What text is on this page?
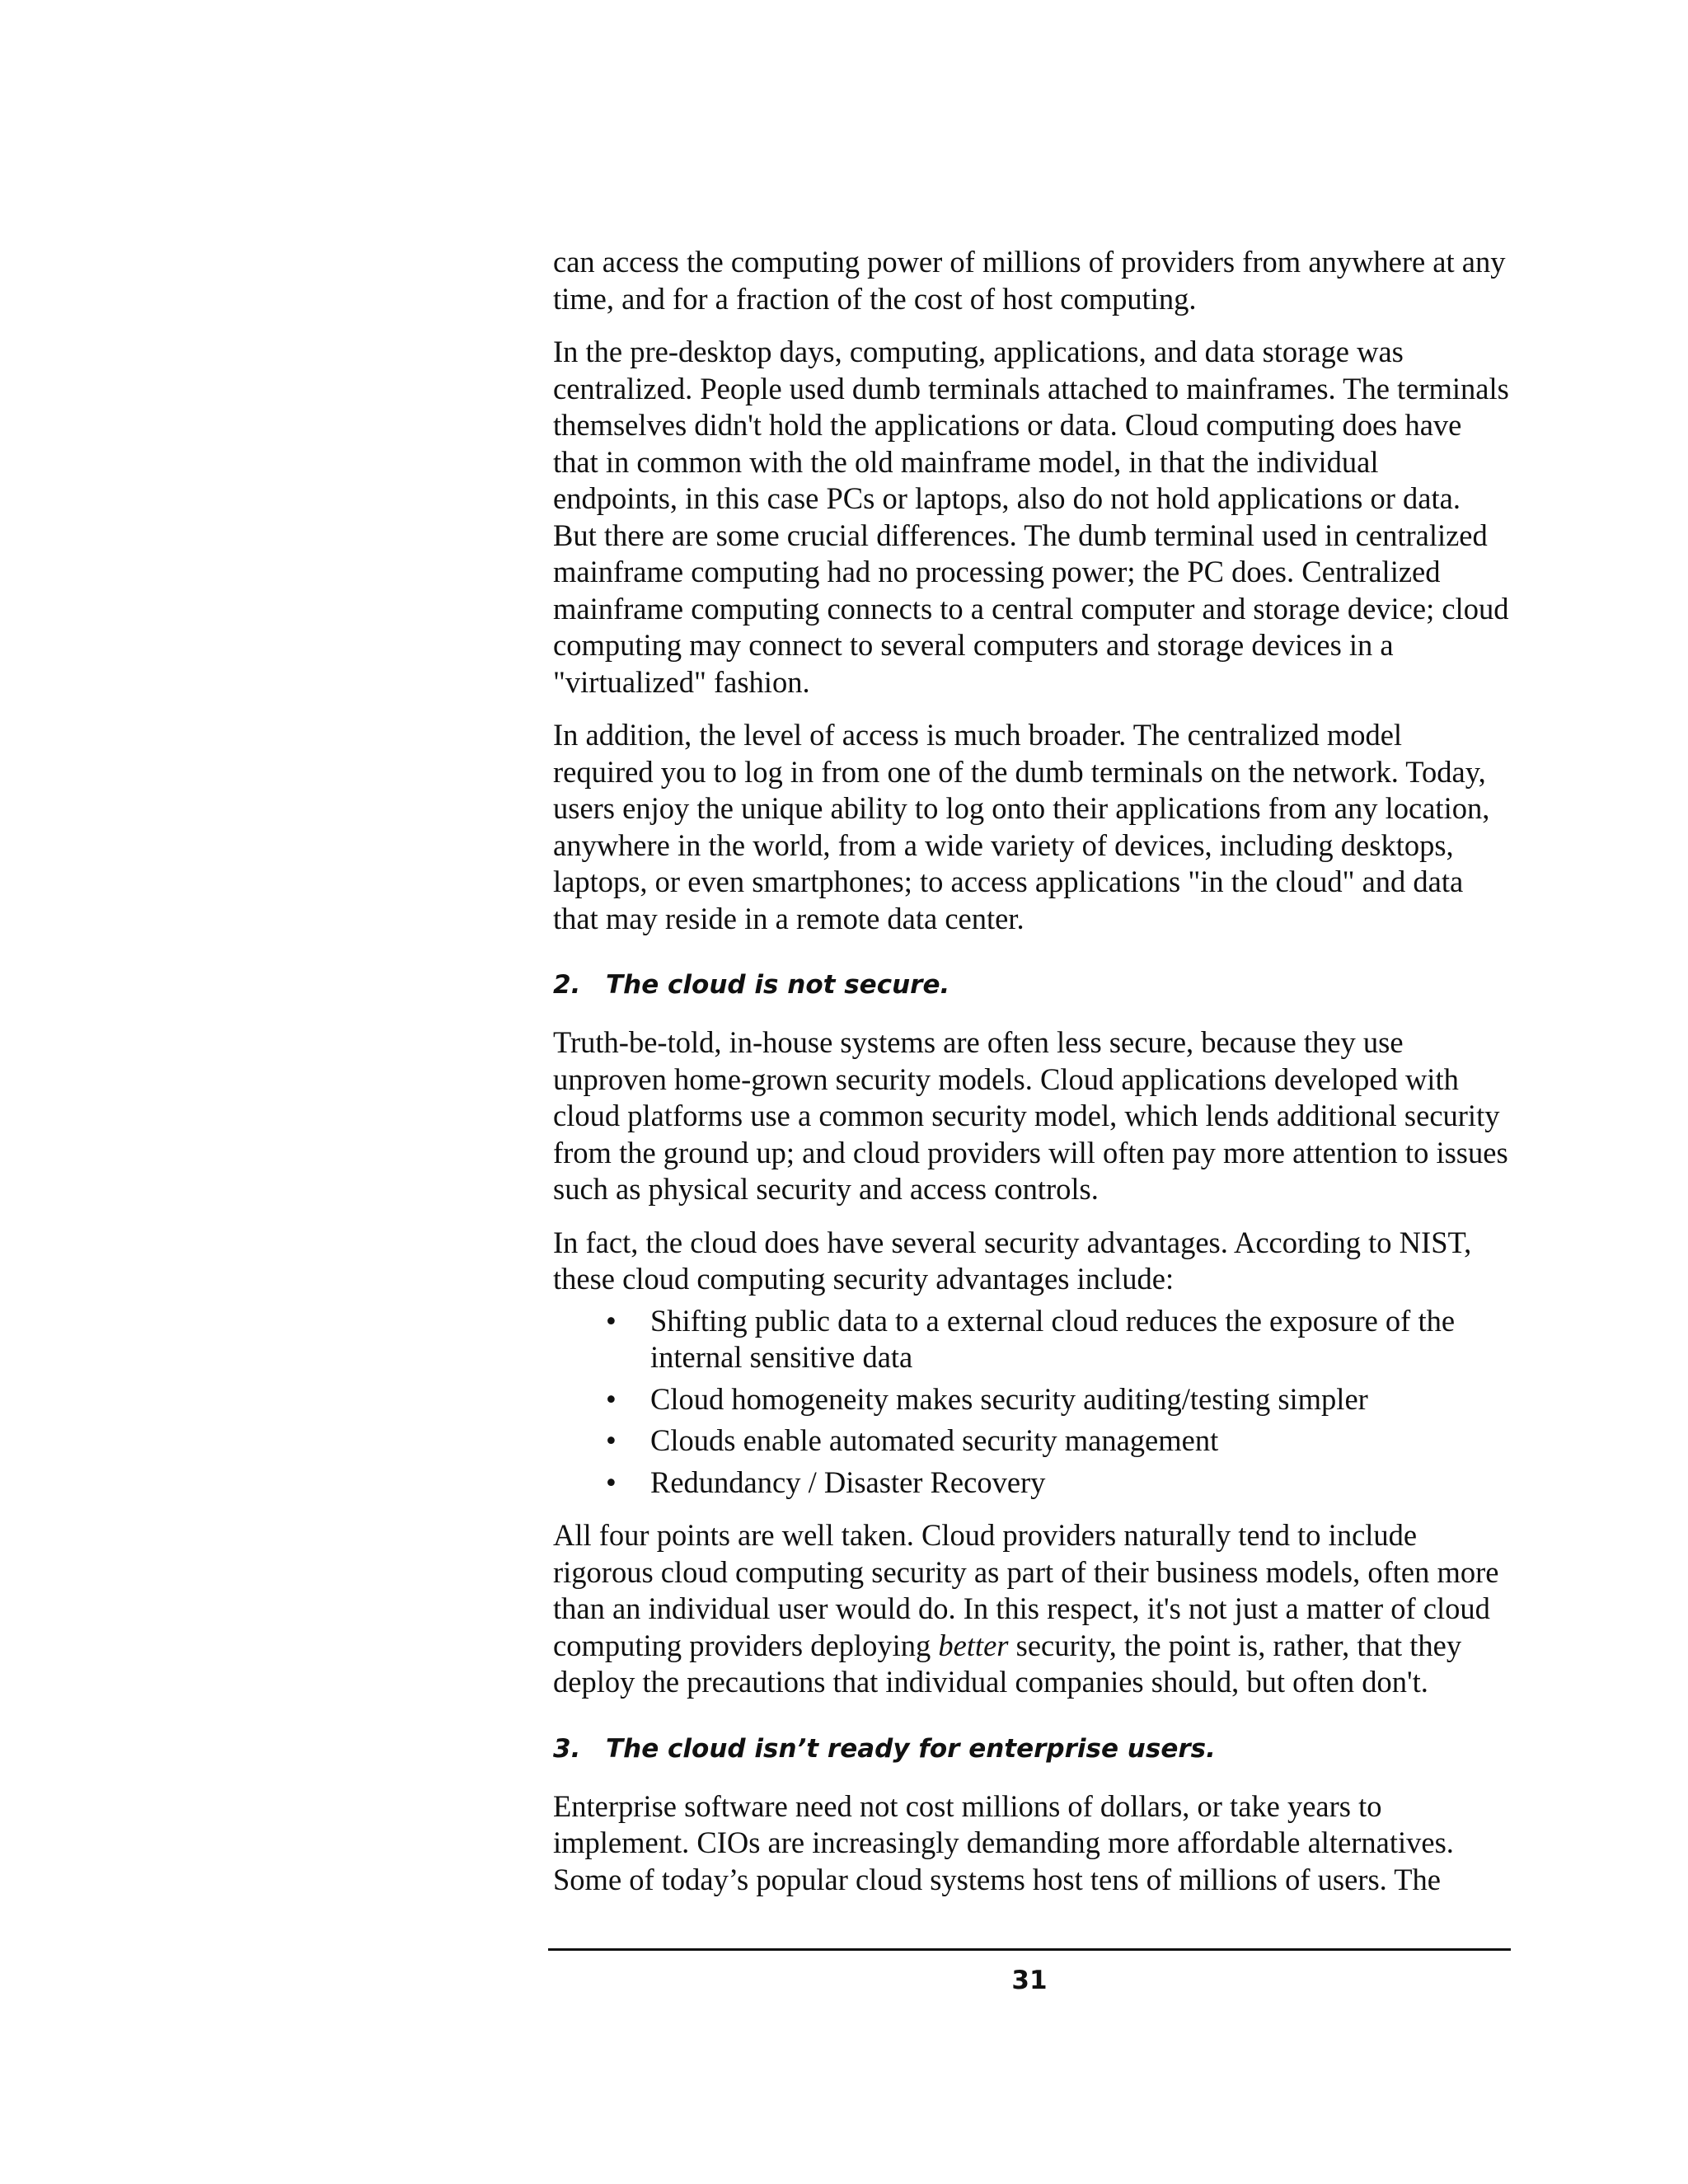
can access the computing power of millions of providers from anywhere at any time, and for a fraction of the cost of host computing.

In the pre-desktop days, computing, applications, and data storage was centralized. People used dumb terminals attached to mainframes. The terminals themselves didn't hold the applications or data. Cloud computing does have that in common with the old mainframe model, in that the individual endpoints, in this case PCs or laptops, also do not hold applications or data. But there are some crucial differences. The dumb terminal used in centralized mainframe computing had no processing power; the PC does. Centralized mainframe computing connects to a central computer and storage device; cloud computing may connect to several computers and storage devices in a "virtualized" fashion.

In addition, the level of access is much broader. The centralized model required you to log in from one of the dumb terminals on the network. Today, users enjoy the unique ability to log onto their applications from any location, anywhere in the world, from a wide variety of devices, including desktops, laptops, or even smartphones; to access applications "in the cloud" and data that may reside in a remote data center.

2. The cloud is not secure.

Truth-be-told, in-house systems are often less secure, because they use unproven home-grown security models. Cloud applications developed with cloud platforms use a common security model, which lends additional security from the ground up; and cloud providers will often pay more attention to issues such as physical security and access controls.

In fact, the cloud does have several security advantages. According to NIST, these cloud computing security advantages include:

• Shifting public data to a external cloud reduces the exposure of the internal sensitive data
• Cloud homogeneity makes security auditing/testing simpler
• Clouds enable automated security management
• Redundancy / Disaster Recovery

All four points are well taken. Cloud providers naturally tend to include rigorous cloud computing security as part of their business models, often more than an individual user would do. In this respect, it's not just a matter of cloud computing providers deploying better security, the point is, rather, that they deploy the precautions that individual companies should, but often don't.

3. The cloud isn’t ready for enterprise users.

Enterprise software need not cost millions of dollars, or take years to implement. CIOs are increasingly demanding more affordable alternatives. Some of today’s popular cloud systems host tens of millions of users. The

31
